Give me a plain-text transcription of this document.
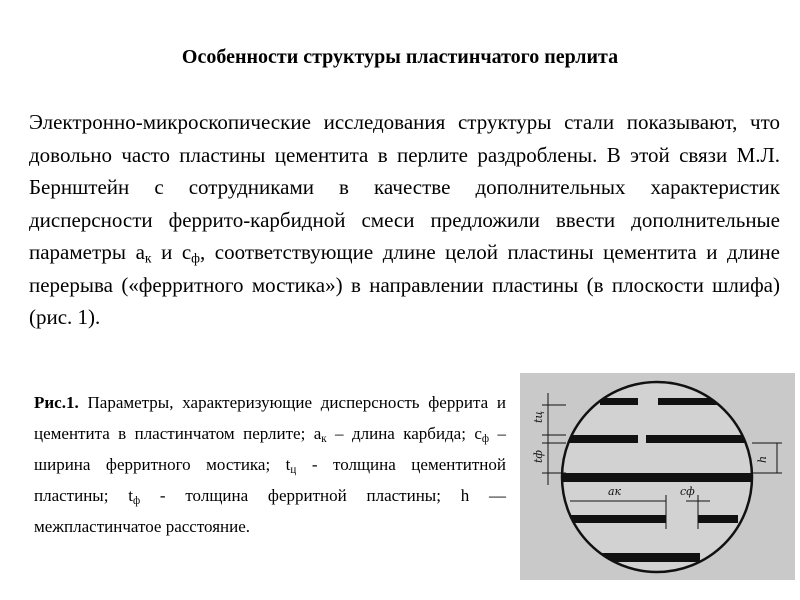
Особенности структуры пластинчатого перлита
Электронно-микроскопические исследования структуры стали показывают, что довольно часто пластины цементита в перлите раздроблены. В этой связи М.Л. Бернштейн с сотрудниками в качестве дополнительных характеристик дисперсности феррито-карбидной смеси предложили ввести дополнительные параметры $a_к$ и $c_ф$, соответствующие длине целой пластины цементита и длине перерыва («ферритного мостика») в направлении пластины (в плоскости шлифа) (рис. 1).
Рис.1. Параметры, характеризующие дисперсность феррита и цементита в пластинчатом перлите; $a_к$ – длина карбида; $c_ф$ – ширина ферритного мостика; $t_ц$ - толщина цементитной пластины; $t_ф$ - толщина ферритной пластины; h — межпластинчатое расстояние.
tц
tф	h
aк	cф
